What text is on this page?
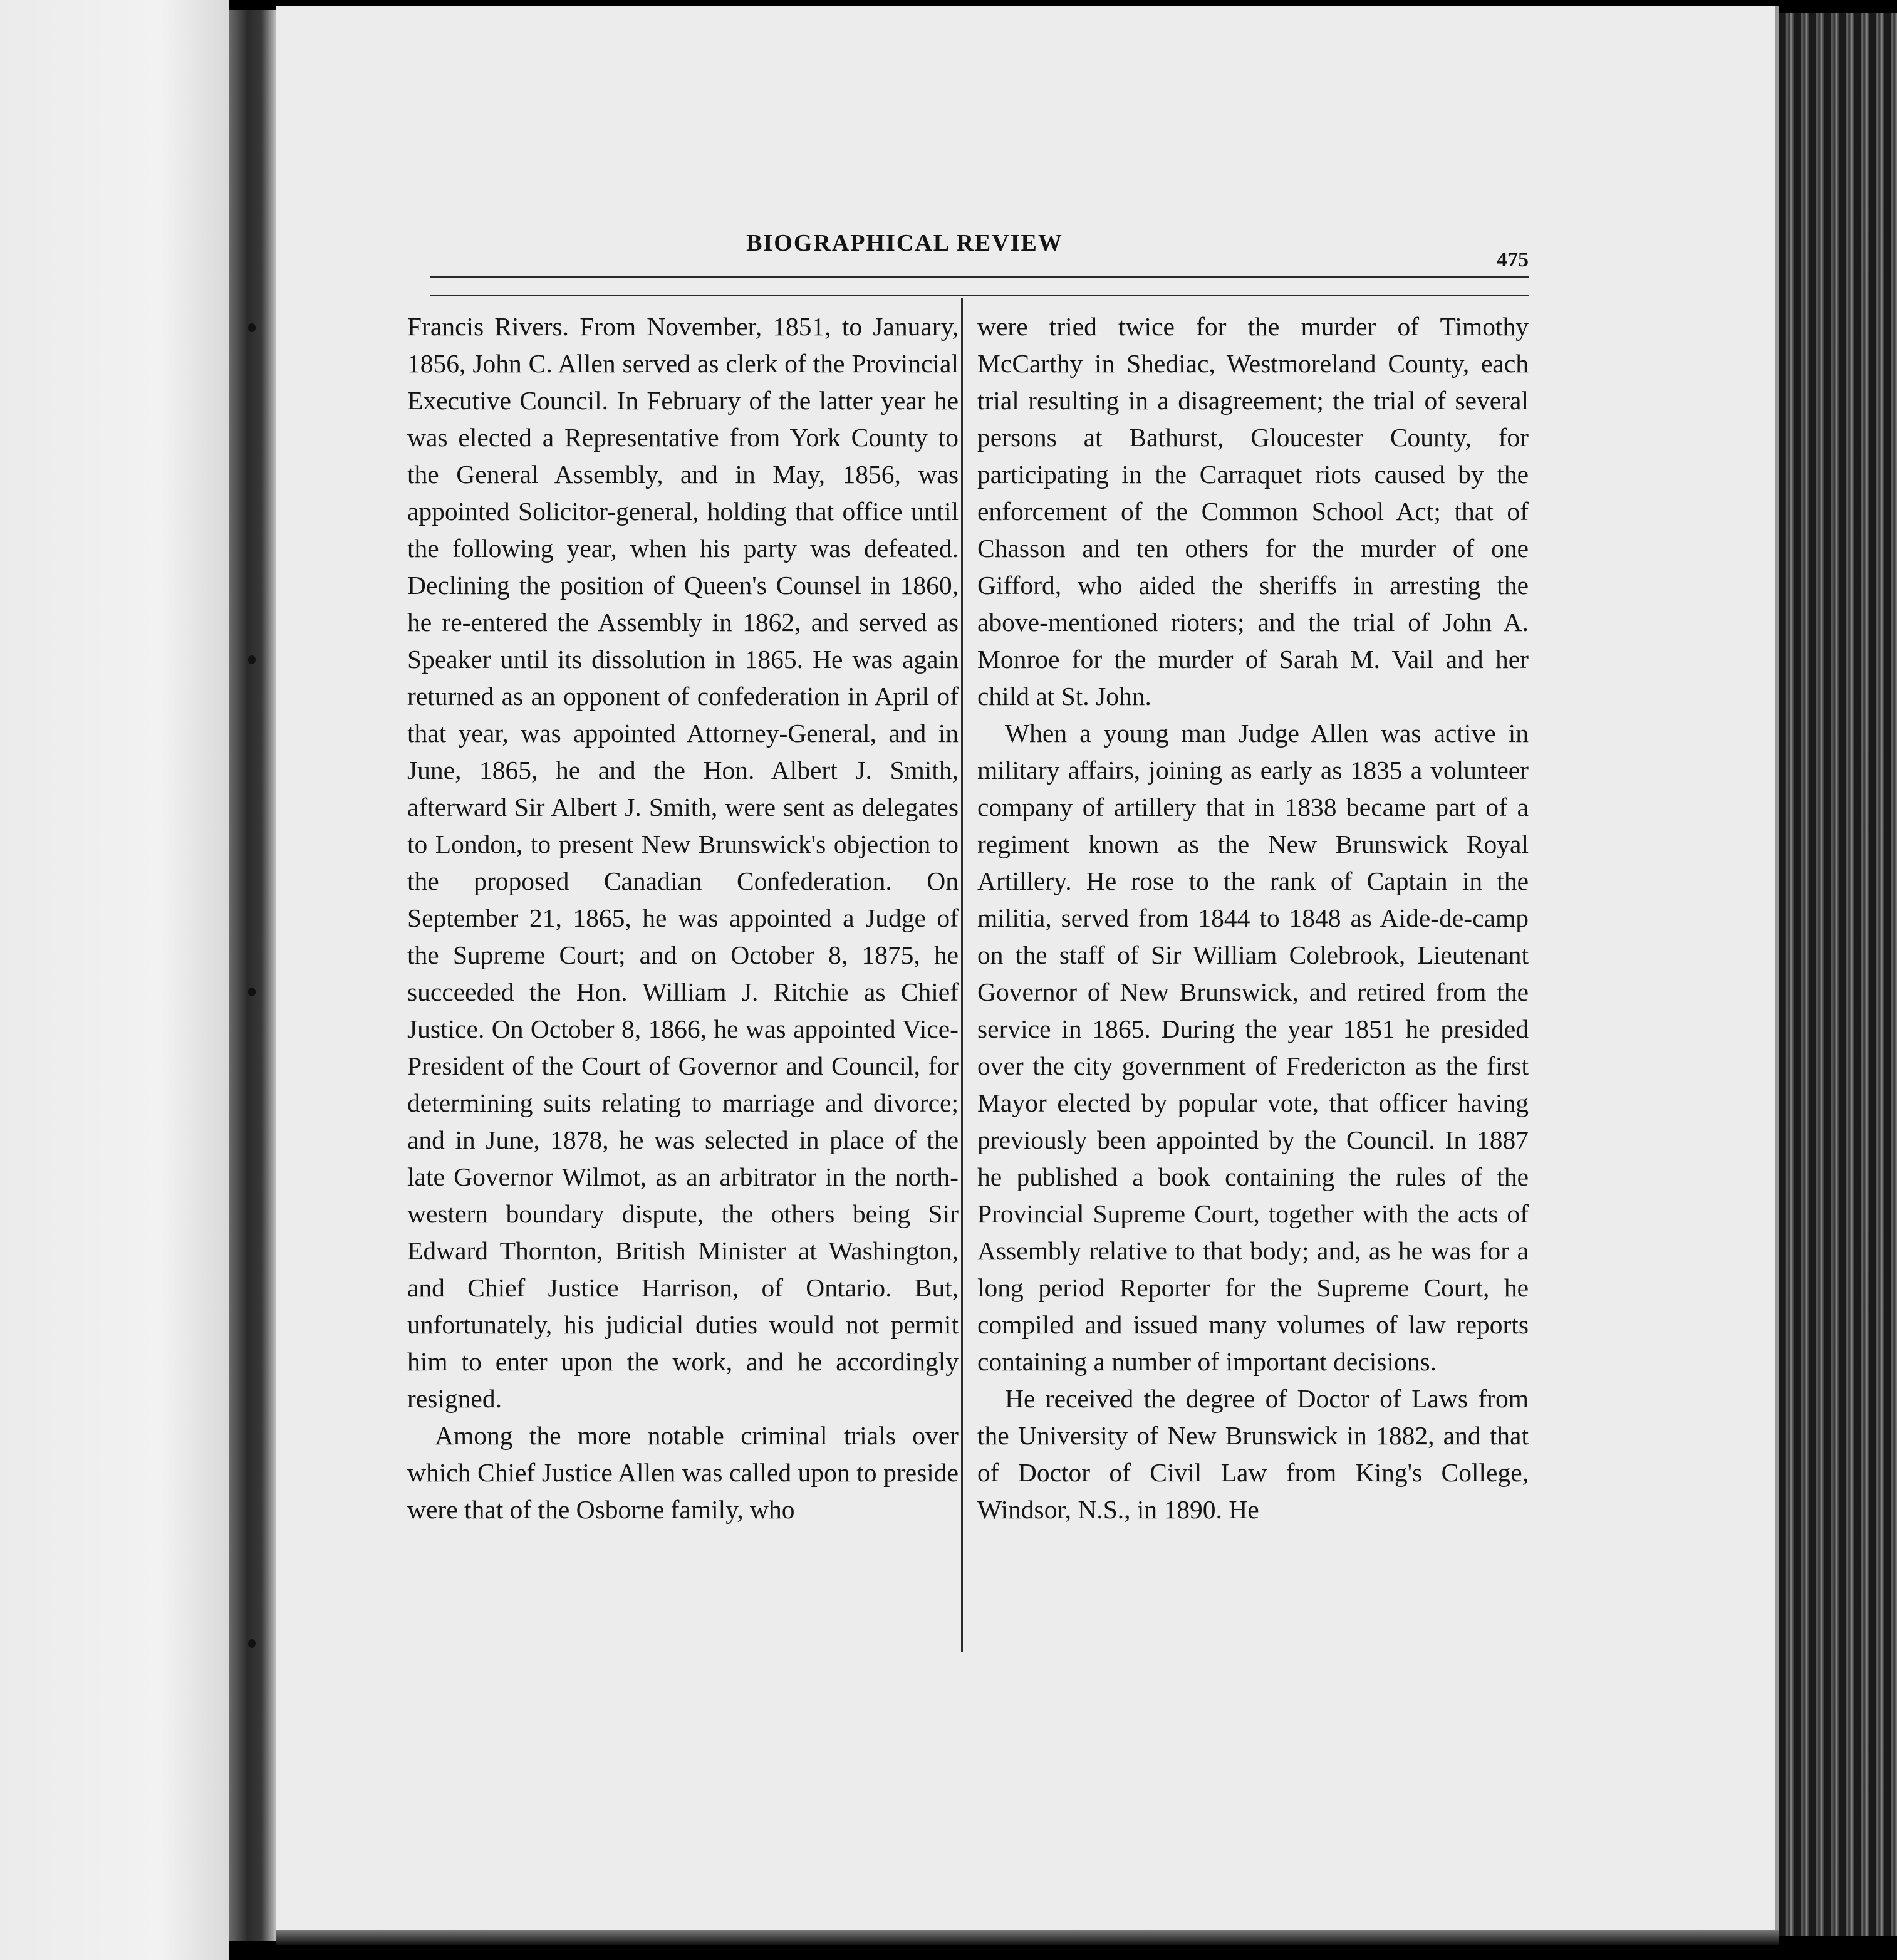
BIOGRAPHICAL REVIEW
475

Francis Rivers. From November, 1851, to January, 1856, John C. Allen served as clerk of the Provincial Executive Council. In February of the latter year he was elected a Representative from York County to the General Assembly, and in May, 1856, was appointed Solicitor-general, holding that office until the following year, when his party was defeated. Declining the position of Queen's Counsel in 1860, he re-entered the Assembly in 1862, and served as Speaker until its dissolution in 1865. He was again returned as an opponent of confederation in April of that year, was appointed Attorney-General, and in June, 1865, he and the Hon. Albert J. Smith, afterward Sir Albert J. Smith, were sent as delegates to London, to present New Brunswick's objection to the proposed Canadian Confederation. On September 21, 1865, he was appointed a Judge of the Supreme Court; and on October 8, 1875, he succeeded the Hon. William J. Ritchie as Chief Justice. On October 8, 1866, he was appointed Vice-President of the Court of Governor and Council, for determining suits relating to marriage and divorce; and in June, 1878, he was selected in place of the late Governor Wilmot, as an arbitrator in the north-western boundary dispute, the others being Sir Edward Thornton, British Minister at Washington, and Chief Justice Harrison, of Ontario. But, unfortunately, his judicial duties would not permit him to enter upon the work, and he accordingly resigned.

Among the more notable criminal trials over which Chief Justice Allen was called upon to preside were that of the Osborne family, who

were tried twice for the murder of Timothy McCarthy in Shediac, Westmoreland County, each trial resulting in a disagreement; the trial of several persons at Bathurst, Gloucester County, for participating in the Carraquet riots caused by the enforcement of the Common School Act; that of Chasson and ten others for the murder of one Gifford, who aided the sheriffs in arresting the above-mentioned rioters; and the trial of John A. Monroe for the murder of Sarah M. Vail and her child at St. John.

When a young man Judge Allen was active in military affairs, joining as early as 1835 a volunteer company of artillery that in 1838 became part of a regiment known as the New Brunswick Royal Artillery. He rose to the rank of Captain in the militia, served from 1844 to 1848 as Aide-de-camp on the staff of Sir William Colebrook, Lieutenant Governor of New Brunswick, and retired from the service in 1865. During the year 1851 he presided over the city government of Fredericton as the first Mayor elected by popular vote, that officer having previously been appointed by the Council. In 1887 he published a book containing the rules of the Provincial Supreme Court, together with the acts of Assembly relative to that body; and, as he was for a long period Reporter for the Supreme Court, he compiled and issued many volumes of law reports containing a number of important decisions.

He received the degree of Doctor of Laws from the University of New Brunswick in 1882, and that of Doctor of Civil Law from King's College, Windsor, N.S., in 1890. He
